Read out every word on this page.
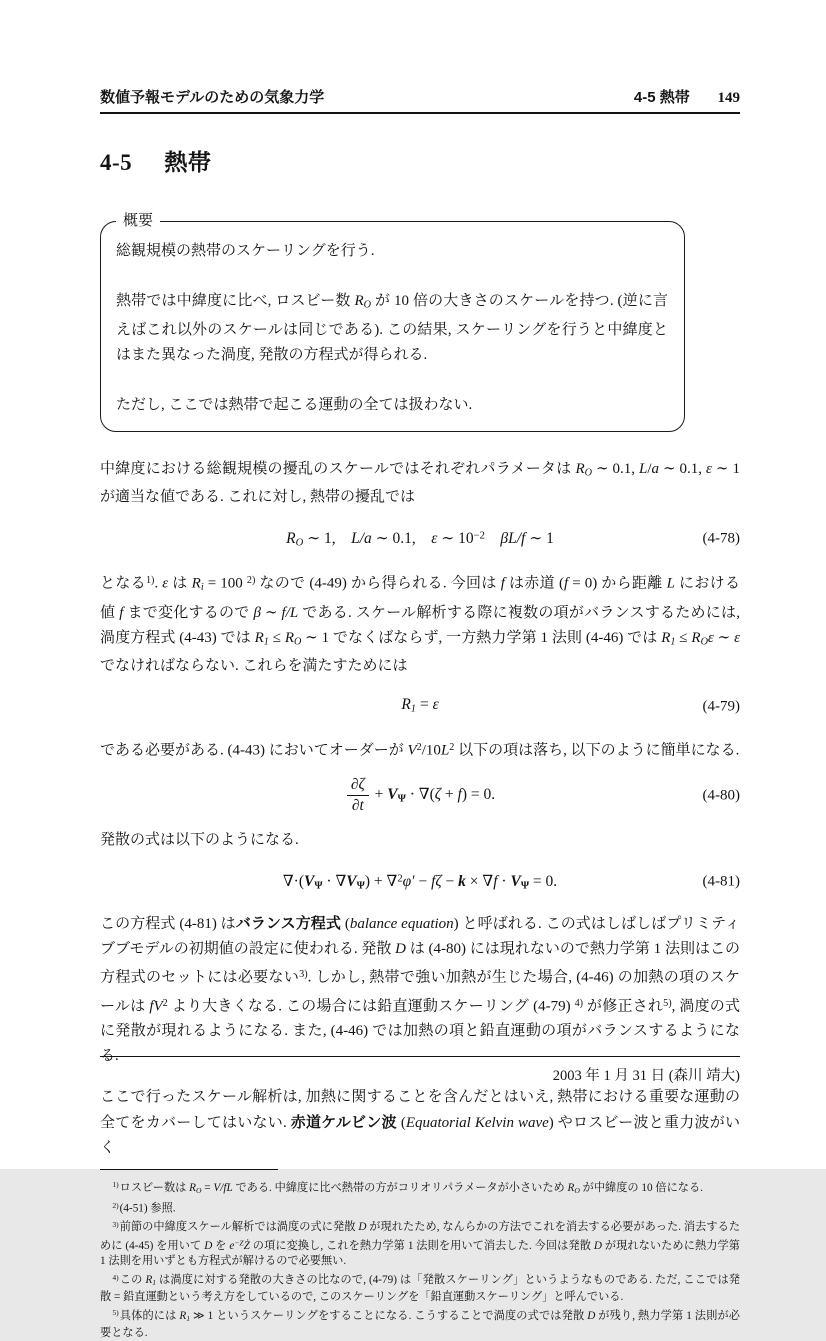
数値予報モデルのための気象力学	4-5 熱帯 149
4-5 熱帯
概要

総観規模の熱帯のスケーリングを行う.

熱帯では中緯度に比べ, ロスビー数 RO が 10 倍の大きさのスケールを持つ. (逆に言えばこれ以外のスケールは同じである). この結果, スケーリングを行うと中緯度とはまた異なった渦度, 発散の方程式が得られる.

ただし, ここでは熱帯で起こる運動の全ては扱わない.

中緯度における総観規模の擾乱のスケールではそれぞれパラメータは RO ∼ 0.1, L/a ∼ 0.1, ε ∼ 1 が適当な値である. これに対し, 熱帯の擾乱では

RO ∼ 1, L/a ∼ 0.1, ε ∼ $10^{-2}$  βL/f ∼ 1	(4-78)

となる$^{1)}$. ε は Ri = 100 $^{2)}$ なので (4-49) から得られる. 今回は f は赤道 (f = 0) から距離 L における値 f まで変化するので β ∼ f/L である. スケール解析する際に複数の項がバランスするためには, 渦度方程式 (4-43) では R1 ≤ RO ∼ 1 でなくばならず, 一方熱力学第 1 法則 (4-46) では R1 ≤ ROε ∼ ε でなければならない. これらを満たすためには

R1 = ε	(4-79)

である必要がある. (4-43) においてオーダーが $V^2/10L^2$ 以下の項は落ち, 以下のように簡単になる.

$\frac{\partial\zeta}{\partial t} + V\Psi \cdot \nabla(\zeta + f) = 0$.	(4-80)

発散の式は以下のようになる.

∇·(VΨ · ∇VΨ) + ∇$^2$φ′ − fζ − k × ∇f · VΨ = 0.	(4-81)

この方程式 (4-81) はバランス方程式 (balance equation) と呼ばれる. この式はしばしばプリミティブブモデルの初期値の設定に使われる. 発散 D は (4-80) には現れないので熱力学第 1 法則はこの方程式のセットには必要ない$^{3)}$. しかし, 熱帯で強い加熱が生じた場合, (4-46) の加熱の項のスケールは $fV^2$ より大きくなる. この場合には鉛直運動スケーリング (4-79) $^{4)}$ が修正され$^{5)}$, 渦度の式に発散が現れるようになる. また, (4-46) では加熱の項と鉛直運動の項がバランスするようになる.

ここで行ったスケール解析は, 加熱に関することを含んだとはいえ, 熱帯における重要な運動の全てをカバーしてはいない. 赤道ケルビン波 (Equatorial Kelvin wave) やロスビー波と重力波がいく

$^{1)}$ロスビー数は RO = V/fL である. 中緯度に比べ熱帯の方がコリオリパラメータが小さいため RO が中緯度の 10 倍になる.
$^{2)}$(4-51) 参照.
$^{3)}$前節の中緯度スケール解析では渦度の式に発散 D が現れたため, なんらかの方法でこれを消去する必要があった. 消去するために (4-45) を用いて D を $e^{-Z}Ż$ の項に変換し, これを熱力学第 1 法則を用いて消去した. 今回は発散 D が現れないために熱力学第 1 法則を用いずとも方程式が解けるので必要無い.
$^{4)}$この R1 は渦度に対する発散の大きさの比なので, (4-79) は「発散スケーリング」というようなものである. ただ, ここでは発散 = 鉛直運動という考え方をしているので, このスケーリングを「鉛直運動スケーリング」と呼んでいる.
$^{5)}$具体的には R1 ≫ 1 というスケーリングをすることになる. こうすることで渦度の式では発散 D が残り, 熱力学第 1 法則が必要となる.
2003 年 1 月 31 日 (森川 靖大)
